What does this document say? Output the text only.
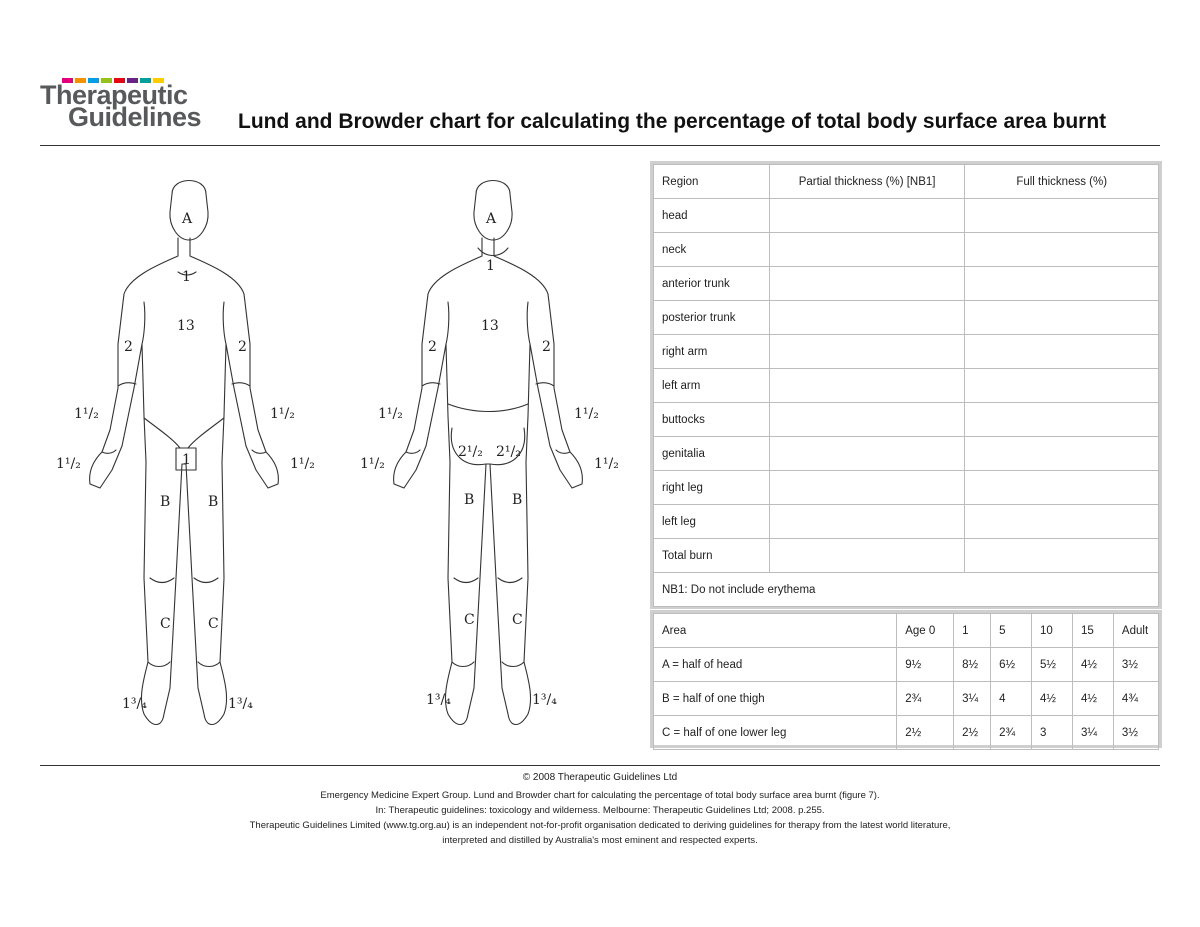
Therapeutic
Guidelines Lund and Browder chart for calculating the percentage of total body surface area burnt
A
1
13
2	2
1¹/₂	1¹/₂
1¹/₂	1¹/₂
1
B	B
C	C
1³/₄	1³/₄
A
1
13
2	2
1¹/₂	1¹/₂
1¹/₂	1¹/₂
2¹/₂ 2¹/₂
B	B
C	C
1³/₄	1³/₄
Region	Partial thickness (%) [NB1]	Full thickness (%)
head		
neck		
anterior trunk		
posterior trunk		
right arm		
left arm		
buttocks		
genitalia		
right leg		
left leg		
Total burn		
NB1: Do not include erythema		
Area	Age 0	1	5	10	15	Adult
A = half of head	9½	8½	6½	5½	4½	3½
B = half of one thigh	2¾	3¼	4	4½	4½	4¾
C = half of one lower leg	2½	2½	2¾	3	3¼	3½
© 2008 Therapeutic Guidelines Ltd
Emergency Medicine Expert Group. Lund and Browder chart for calculating the percentage of total body surface area burnt (figure 7).
In: Therapeutic guidelines: toxicology and wilderness. Melbourne: Therapeutic Guidelines Ltd; 2008. p.255.
Therapeutic Guidelines Limited (www.tg.org.au) is an independent not-for-profit organisation dedicated to deriving guidelines for therapy from the latest world literature,
interpreted and distilled by Australia's most eminent and respected experts.
